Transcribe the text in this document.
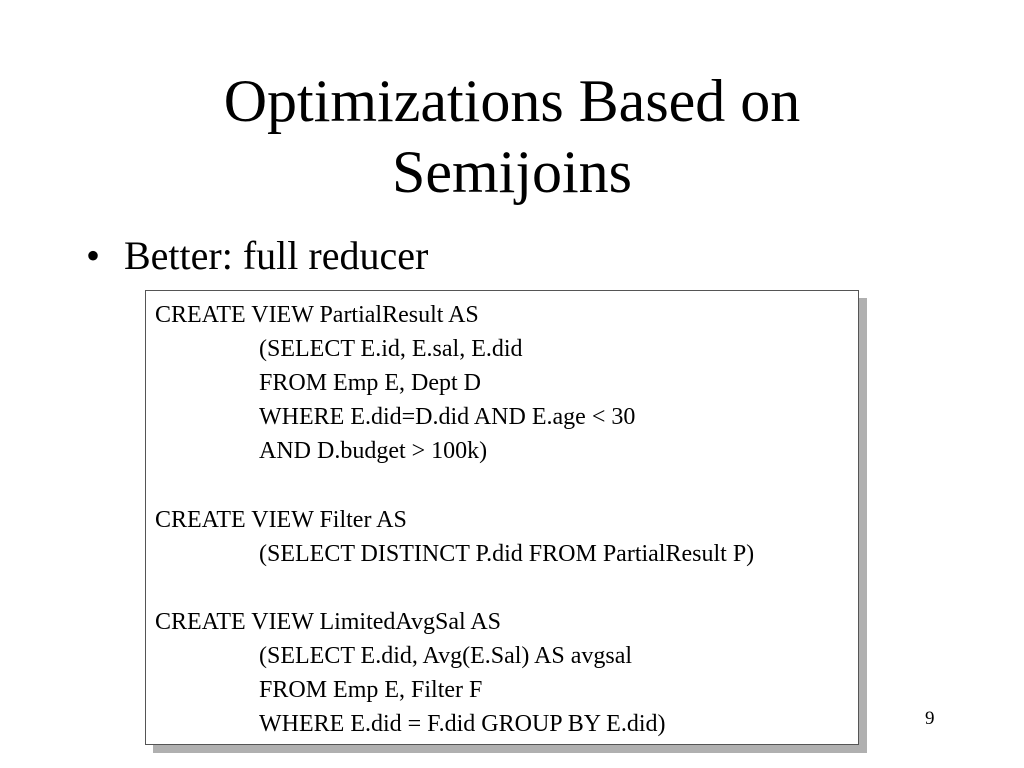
Optimizations Based on
Semijoins
• Better: full reducer
CREATE VIEW PartialResult AS
(SELECT E.id, E.sal, E.did
FROM Emp E, Dept D
WHERE E.did=D.did AND E.age < 30
AND D.budget > 100k)
CREATE VIEW Filter AS
(SELECT DISTINCT P.did FROM PartialResult P)
CREATE VIEW LimitedAvgSal AS
(SELECT E.did, Avg(E.Sal) AS avgsal
FROM Emp E, Filter F
WHERE E.did = F.did GROUP BY E.did)	9
